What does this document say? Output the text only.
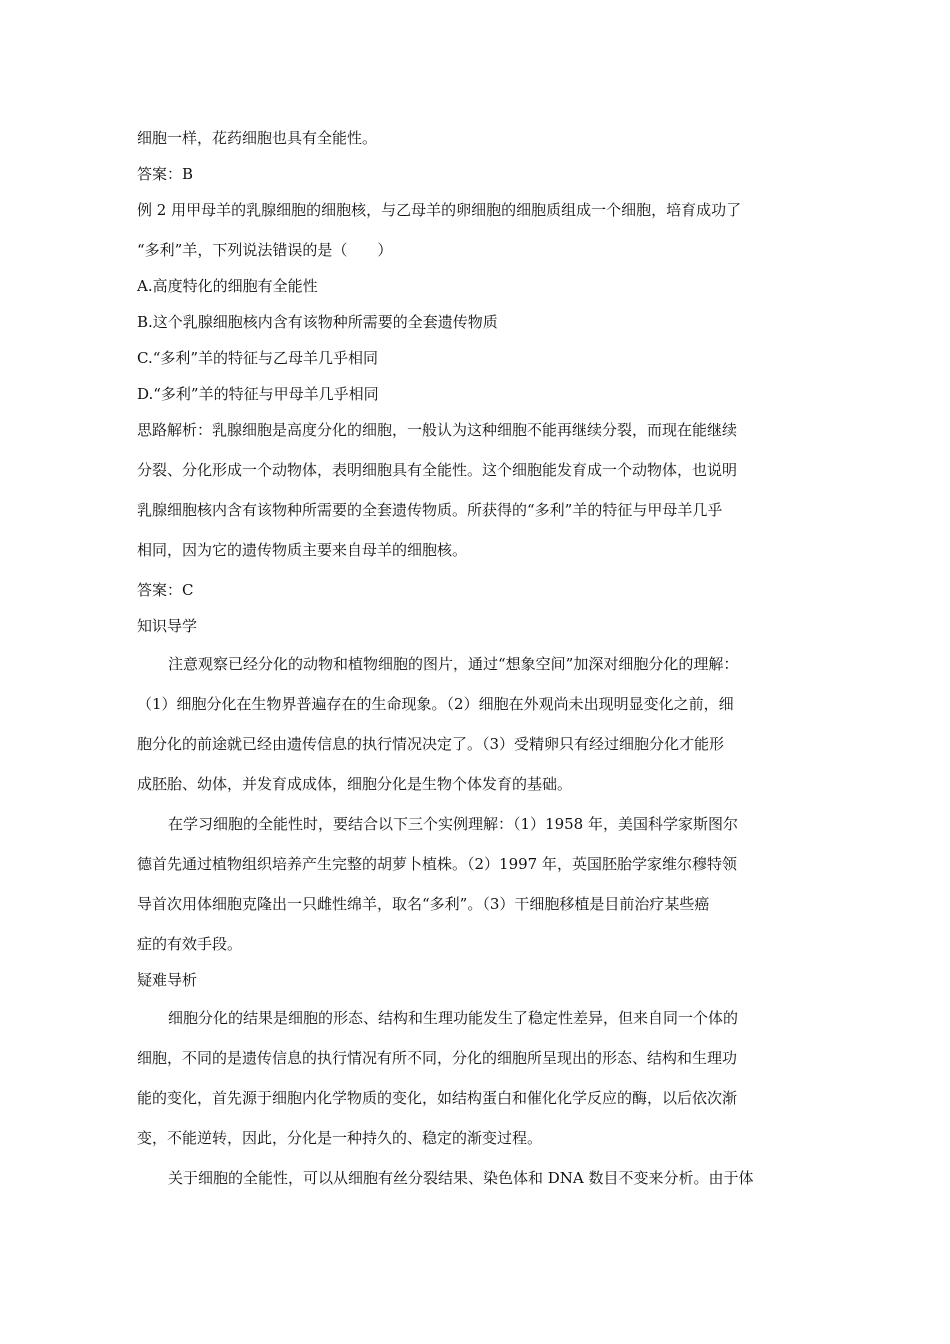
细胞一样，花药细胞也具有全能性。
答案：B
例 2 用甲母羊的乳腺细胞的细胞核，与乙母羊的卵细胞的细胞质组成一个细胞，培育成功了
“多利”羊，下列说法错误的是（　　）
A.高度特化的细胞有全能性
B.这个乳腺细胞核内含有该物种所需要的全套遗传物质
C.“多利”羊的特征与乙母羊几乎相同
D.“多利”羊的特征与甲母羊几乎相同
思路解析：乳腺细胞是高度分化的细胞，一般认为这种细胞不能再继续分裂，而现在能继续
分裂、分化形成一个动物体，表明细胞具有全能性。这个细胞能发育成一个动物体，也说明
乳腺细胞核内含有该物种所需要的全套遗传物质。所获得的“多利”羊的特征与甲母羊几乎
相同，因为它的遗传物质主要来自母羊的细胞核。
答案：C
知识导学
注意观察已经分化的动物和植物细胞的图片，通过“想象空间”加深对细胞分化的理解：
（1）细胞分化在生物界普遍存在的生命现象。（2）细胞在外观尚未出现明显变化之前，细
胞分化的前途就已经由遗传信息的执行情况决定了。（3）受精卵只有经过细胞分化才能形
成胚胎、幼体，并发育成成体，细胞分化是生物个体发育的基础。
在学习细胞的全能性时，要结合以下三个实例理解：（1）1958 年，美国科学家斯图尔
德首先通过植物组织培养产生完整的胡萝卜植株。（2）1997 年，英国胚胎学家维尔穆特领
导首次用体细胞克隆出一只雌性绵羊，取名“多利”。（3）干细胞移植是目前治疗某些癌
症的有效手段。
疑难导析
细胞分化的结果是细胞的形态、结构和生理功能发生了稳定性差异，但来自同一个体的
细胞，不同的是遗传信息的执行情况有所不同，分化的细胞所呈现出的形态、结构和生理功
能的变化，首先源于细胞内化学物质的变化，如结构蛋白和催化化学反应的酶，以后依次渐
变，不能逆转，因此，分化是一种持久的、稳定的渐变过程。
关于细胞的全能性，可以从细胞有丝分裂结果、染色体和 DNA 数目不变来分析。由于体
